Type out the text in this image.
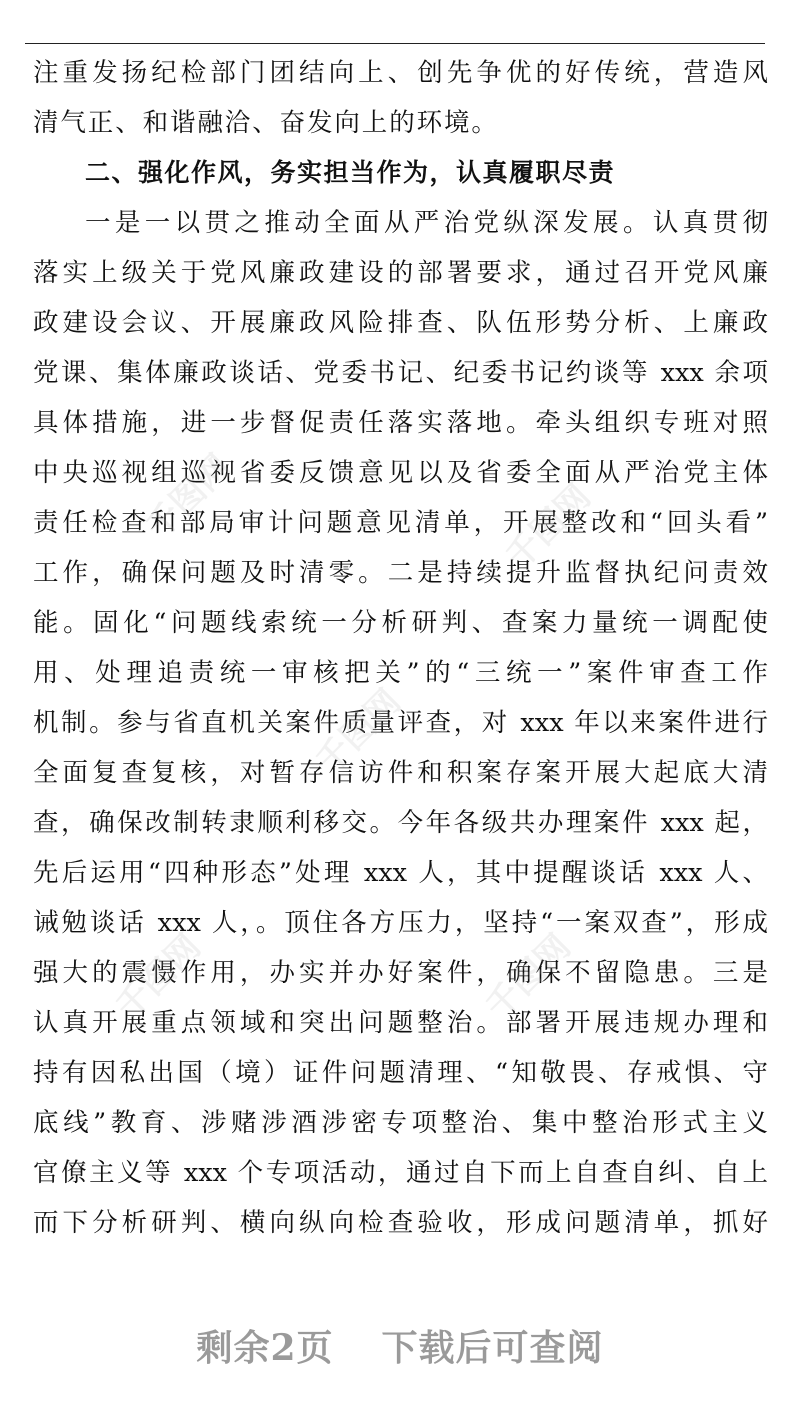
注重发扬纪检部门团结向上、创先争优的好传统，营造风
清气正、和谐融洽、奋发向上的环境。
二、强化作风，务实担当作为，认真履职尽责
一是一以贯之推动全面从严治党纵深发展。认真贯彻
落实上级关于党风廉政建设的部署要求，通过召开党风廉
政建设会议、开展廉政风险排查、队伍形势分析、上廉政
党课、集体廉政谈话、党委书记、纪委书记约谈等 xxx 余项
具体措施，进一步督促责任落实落地。牵头组织专班对照
中央巡视组巡视省委反馈意见以及省委全面从严治党主体
责任检查和部局审计问题意见清单，开展整改和“回头看”
工作，确保问题及时清零。二是持续提升监督执纪问责效
能。固化“问题线索统一分析研判、查案力量统一调配使
用、处理追责统一审核把关”的“三统一”案件审查工作
机制。参与省直机关案件质量评查，对 xxx 年以来案件进行
全面复查复核，对暂存信访件和积案存案开展大起底大清
查，确保改制转隶顺利移交。今年各级共办理案件 xxx 起，
先后运用“四种形态”处理 xxx 人，其中提醒谈话 xxx 人、
诫勉谈话 xxx 人，。顶住各方压力，坚持“一案双查”，形成
强大的震慑作用，办实并办好案件，确保不留隐患。三是
认真开展重点领域和突出问题整治。部署开展违规办理和
持有因私出国（境）证件问题清理、“知敬畏、存戒惧、守
底线”教育、涉赌涉酒涉密专项整治、集中整治形式主义
官僚主义等 xxx 个专项活动，通过自下而上自查自纠、自上
而下分析研判、横向纵向检查验收，形成问题清单，抓好
千图网	千图网
千图网
千图网	千图网
剩余2页 下载后可查阅
